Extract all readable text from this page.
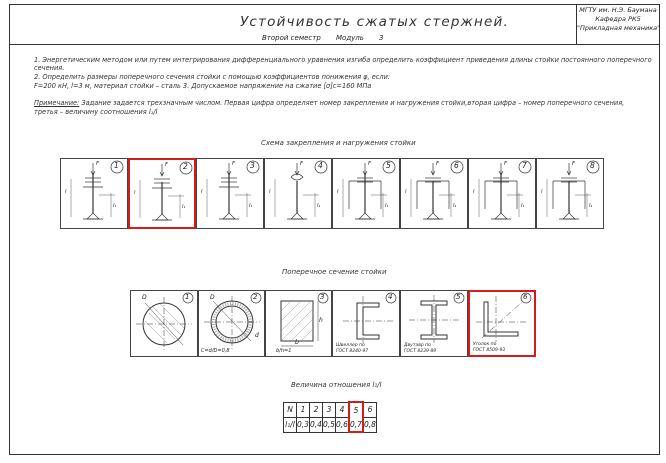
Устойчивость сжатых стержней.
Второй семестр Модуль 3
МГТУ им. Н.Э. Баумана
Кафедра РК5
"Прикладная механика"
1. Энергетическим методом или путем интегрирования дифференциального уравнения изгиба определить коэффициент приведения длины стойки постоянного поперечного
сечения.
2. Определить размеры поперечного сечения стойки с помощью коэффициентов понижения φ, если:
F=200 кН, l=3 м, материал стойки – сталь 3. Допускаемое напряжение на сжатие [σ]с=160 МПа
Примечание: Задание задается трехзначным числом. Первая цифра определяет номер закрепления и нагружения стойки,вторая цифра – номер поперечного сечения,
третья – величину соотношения l₁/l
Схема закрепления и нагружения стойки
1
F
l
l₁
2
F
l
l₁
3
F
l
l₁
4
F
l
l₁
5
F
l
l₁
6
F
l
l₁
7
F
l
l₁
8
F
l
l₁
Поперечное сечение стойки
D	1	D
d
2
C=d/D=0,8
h
b
3
b/h=1
4
Швеллер по
ГОСТ 8240-97
5
Двутавр по
ГОСТ 8239-89
6
Уголок по
ГОСТ 8509-93
Величина отношения l₁/l
N	1	2	3	4	5	6
l₁/l	0,3	0,4	0,5	0,6	0,7	0,8
